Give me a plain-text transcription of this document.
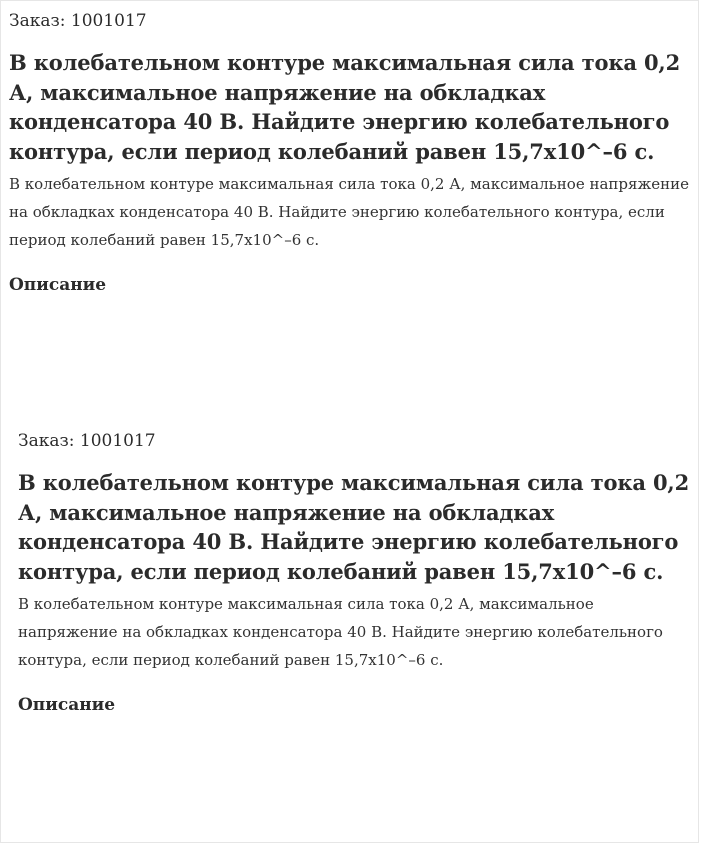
Заказ: 1001017

В колебательном контуре максимальная сила тока 0,2 А, максимальное напряжение на обкладках конденсатора 40 В. Найдите энергию колебательного контура, если период колебаний равен 15,7x10^–6 с.

В колебательном контуре максимальная сила тока 0,2 А, максимальное напряжение на обкладках конденсатора 40 В. Найдите энергию колебательного контура, если период колебаний равен 15,7x10^–6 с.

Описание

Заказ: 1001017

В колебательном контуре максимальная сила тока 0,2 А, максимальное напряжение на обкладках конденсатора 40 В. Найдите энергию колебательного контура, если период колебаний равен 15,7x10^–6 с.

В колебательном контуре максимальная сила тока 0,2 А, максимальное напряжение на обкладках конденсатора 40 В. Найдите энергию колебательного контура, если период колебаний равен 15,7x10^–6 с.

Описание
